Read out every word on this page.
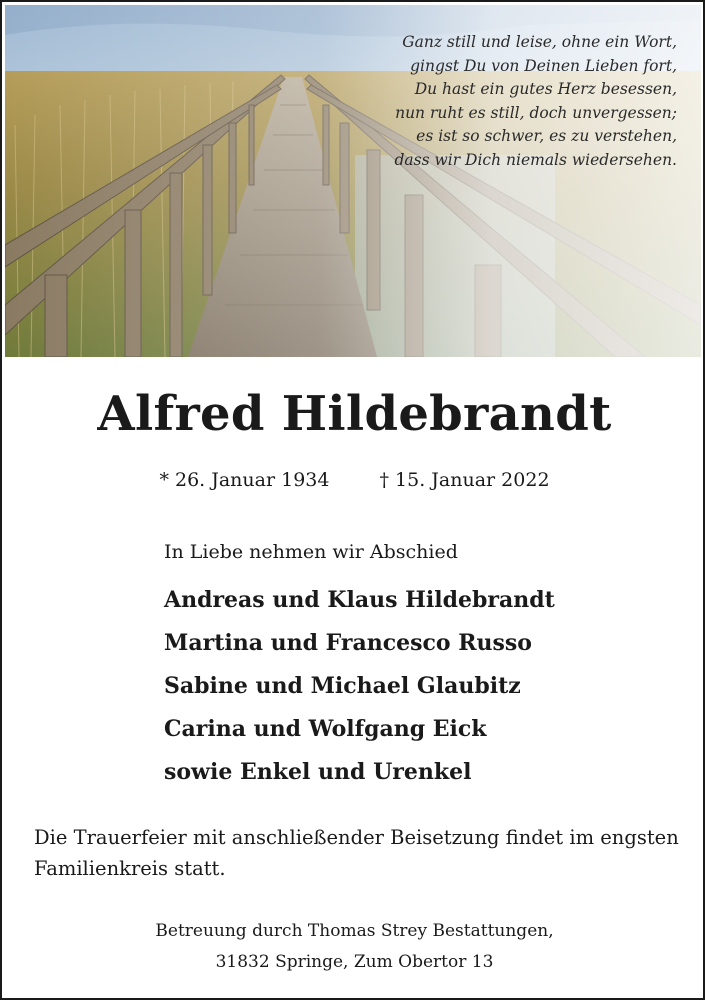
Ganz still und leise, ohne ein Wort,
gingst Du von Deinen Lieben fort,
Du hast ein gutes Herz besessen,
nun ruht es still, doch unvergessen;
es ist so schwer, es zu verstehen,
dass wir Dich niemals wiedersehen.
Alfred Hildebrandt
* 26. Januar 1934	† 15. Januar 2022
In Liebe nehmen wir Abschied
Andreas und Klaus Hildebrandt
Martina und Francesco Russo
Sabine und Michael Glaubitz
Carina und Wolfgang Eick
sowie Enkel und Urenkel
Die Trauerfeier mit anschließender Beisetzung findet im engsten Familienkreis statt.
Betreuung durch Thomas Strey Bestattungen,
31832 Springe, Zum Obertor 13
